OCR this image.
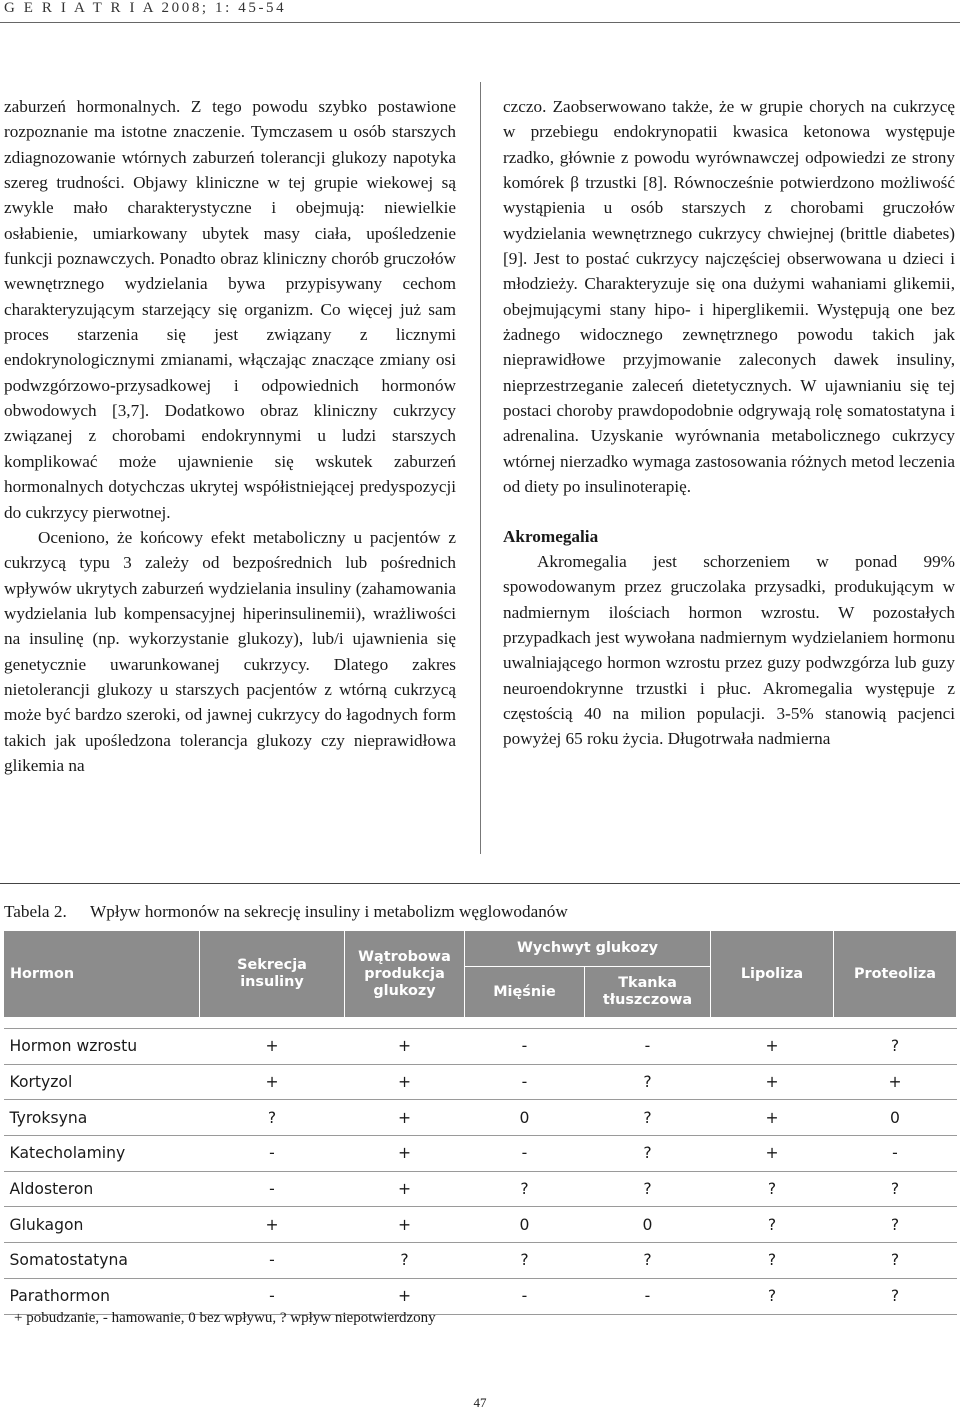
G E R I A T R I A 2008; 1: 45-54

zaburzeń hormonalnych. Z tego powodu szybko postawione rozpoznanie ma istotne znaczenie. Tymczasem u osób starszych zdiagnozowanie wtórnych zaburzeń tolerancji glukozy napotyka szereg trudności. Objawy kliniczne w tej grupie wiekowej są zwykle mało charakterystyczne i obejmują: niewielkie osłabienie, umiarkowany ubytek masy ciała, upośledzenie funkcji poznawczych. Ponadto obraz kliniczny chorób gruczołów wewnętrznego wydzielania bywa przypisywany cechom charakteryzującym starzejący się organizm. Co więcej już sam proces starzenia się jest związany z licznymi endokrynologicznymi zmianami, włączając znaczące zmiany osi podwzgórzowo-przysadkowej i odpowiednich hormonów obwodowych [3,7]. Dodatkowo obraz kliniczny cukrzycy związanej z chorobami endokrynnymi u ludzi starszych komplikować może ujawnienie się wskutek zaburzeń hormonalnych dotychczas ukrytej współistniejącej predyspozycji do cukrzycy pierwotnej.

Oceniono, że końcowy efekt metaboliczny u pacjentów z cukrzycą typu 3 zależy od bezpośrednich lub pośrednich wpływów ukrytych zaburzeń wydzielania insuliny (zahamowania wydzielania lub kompensacyjnej hiperinsulinemii), wrażliwości na insulinę (np. wykorzystanie glukozy), lub/i ujawnienia się genetycznie uwarunkowanej cukrzycy. Dlatego zakres nietolerancji glukozy u starszych pacjentów z wtórną cukrzycą może być bardzo szeroki, od jawnej cukrzycy do łagodnych form takich jak upośledzona tolerancja glukozy czy nieprawidłowa glikemia na

czczo. Zaobserwowano także, że w grupie chorych na cukrzycę w przebiegu endokrynopatii kwasica ketonowa występuje rzadko, głównie z powodu wyrównawczej odpowiedzi ze strony komórek β trzustki [8]. Równocześnie potwierdzono możliwość wystąpienia u osób starszych z chorobami gruczołów wydzielania wewnętrznego cukrzycy chwiejnej (brittle diabetes) [9]. Jest to postać cukrzycy najczęściej obserwowana u dzieci i młodzieży. Charakteryzuje się ona dużymi wahaniami glikemii, obejmującymi stany hipo- i hiperglikemii. Występują one bez żadnego widocznego zewnętrznego powodu takich jak nieprawidłowe przyjmowanie zaleconych dawek insuliny, nieprzestrzeganie zaleceń dietetycznych. W ujawnianiu się tej postaci choroby prawdopodobnie odgrywają rolę somatostatyna i adrenalina. Uzyskanie wyrównania metabolicznego cukrzycy wtórnej nierzadko wymaga zastosowania różnych metod leczenia od diety po insulinoterapię.

Akromegalia

Akromegalia jest schorzeniem w ponad 99% spowodowanym przez gruczolaka przysadki, produkującym w nadmiernym ilościach hormon wzrostu. W pozostałych przypadkach jest wywołana nadmiernym wydzielaniem hormonu uwalniającego hormon wzrostu przez guzy podwzgórza lub guzy neuroendokrynne trzustki i płuc. Akromegalia występuje z częstością 40 na milion populacji. 3-5% stanowią pacjenci powyżej 65 roku życia. Długotrwała nadmierna

Tabela 2. Wpływ hormonów na sekrecję insuliny i metabolizm węglowodanów
Hormon	Sekrecja insuliny	Wątrobowa produkcja glukozy	Wychwyt glukozy		Lipoliza	Proteoliza
			Mięśnie	Tkanka tłuszczowa		

Hormon wzrostu	+	+	-	-	+	?
Kortyzol	+	+	-	?	+	+
Tyroksyna	?	+	0	?	+	0
Katecholaminy	-	+	-	?	+	-
Aldosteron	-	+	?	?	?	?
Glukagon	+	+	0	0	?	?
Somatostatyna	-	?	?	?	?	?
Parathormon	-	+	-	-	?	?
+ pobudzanie, - hamowanie, 0 bez wpływu, ? wpływ niepotwierdzony
47
